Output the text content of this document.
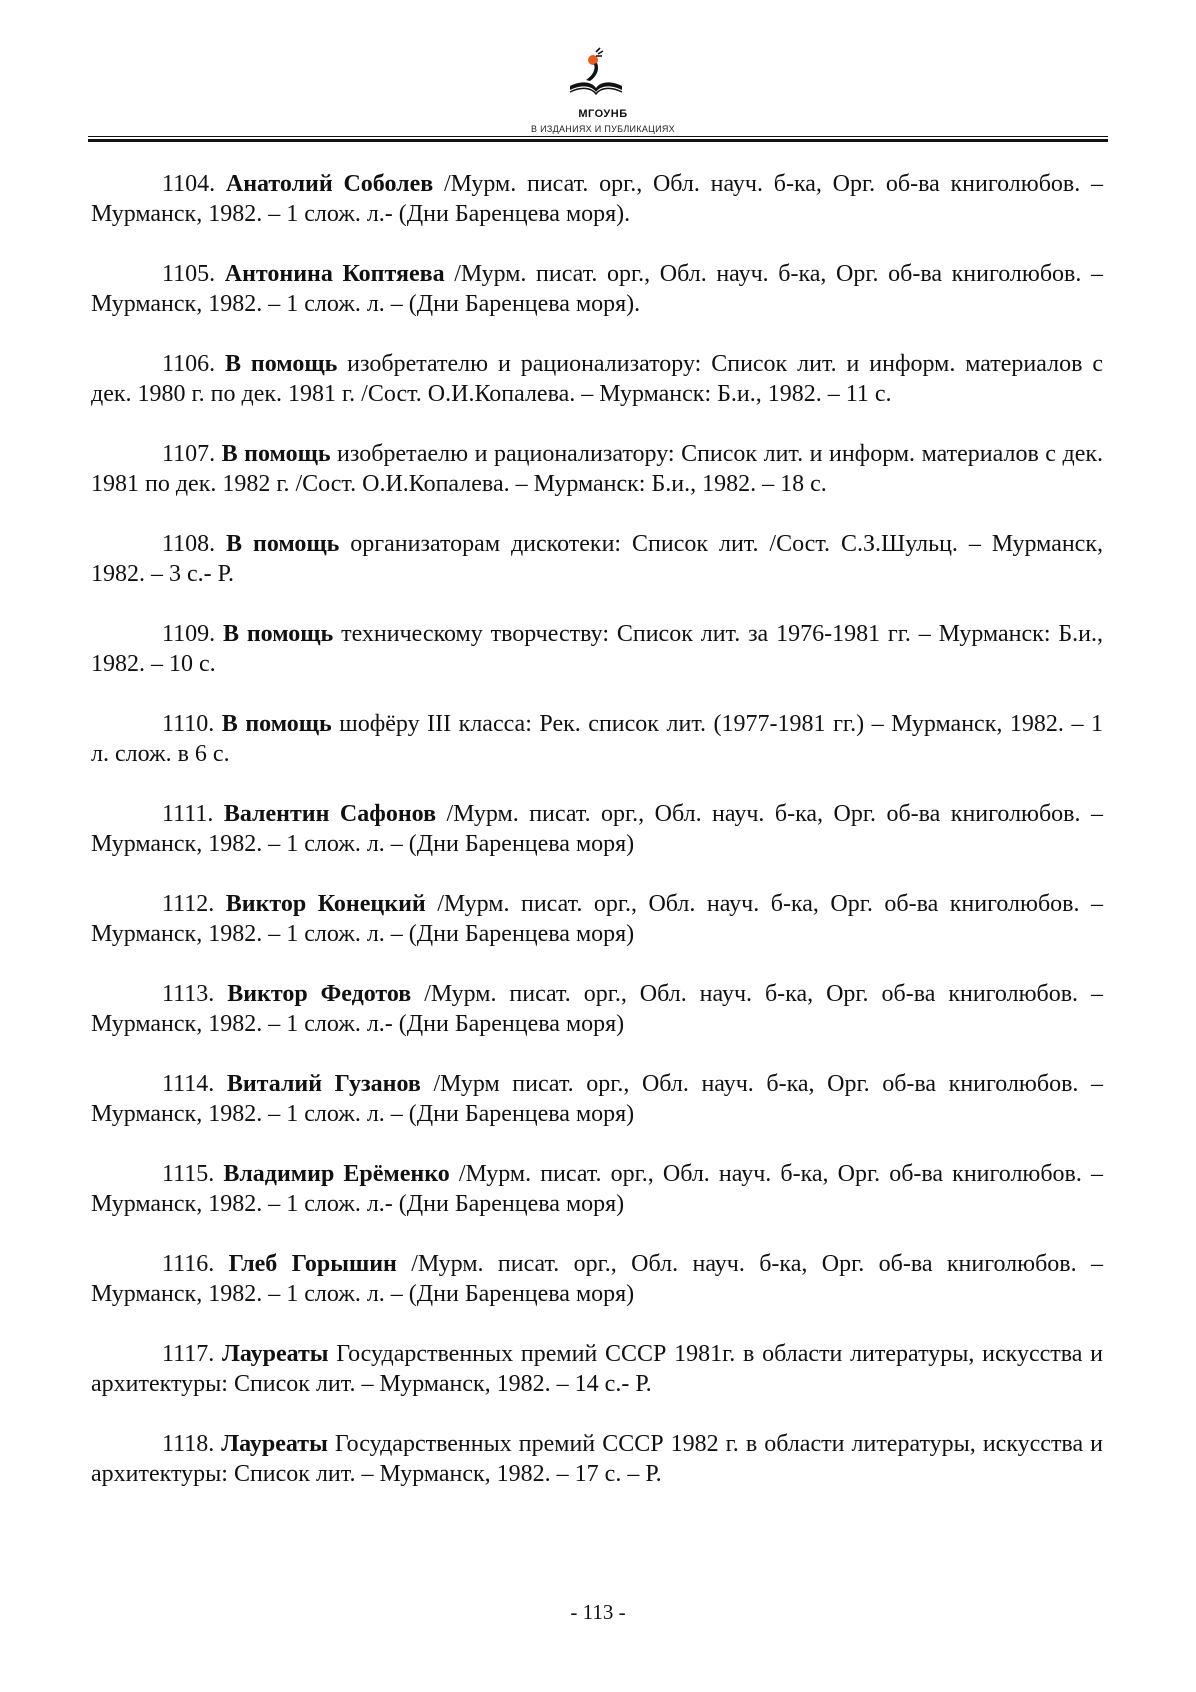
МГОУНБ
В ИЗДАНИЯХ И ПУБЛИКАЦИЯХ

1104. Анатолий Соболев /Мурм. писат. орг., Обл. науч. б-ка, Орг. об-ва книголюбов. – Мурманск, 1982. – 1 слож. л.- (Дни Баренцева моря).

1105. Антонина Коптяева /Мурм. писат. орг., Обл. науч. б-ка, Орг. об-ва книголюбов. – Мурманск, 1982. – 1 слож. л. – (Дни Баренцева моря).

1106. В помощь изобретателю и рационализатору: Список лит. и информ. материалов с дек. 1980 г. по дек. 1981 г. /Сост. О.И.Копалева. – Мурманск: Б.и., 1982. – 11 с.

1107. В помощь изобретаелю и рационализатору: Список лит. и информ. материалов с дек. 1981 по дек. 1982 г. /Сост. О.И.Копалева. – Мурманск: Б.и., 1982. – 18 с.

1108. В помощь организаторам дискотеки: Список лит. /Сост. С.З.Шульц. – Мурманск, 1982. – 3 с.- Р.

1109. В помощь техническому творчеству: Список лит. за 1976-1981 гг. – Мурманск: Б.и., 1982. – 10 с.

1110. В помощь шофёру III класса: Рек. список лит. (1977-1981 гг.) – Мурманск, 1982. – 1 л. слож. в 6 с.

1111. Валентин Сафонов /Мурм. писат. орг., Обл. науч. б-ка, Орг. об-ва книголюбов. – Мурманск, 1982. – 1 слож. л. – (Дни Баренцева моря)

1112. Виктор Конецкий /Мурм. писат. орг., Обл. науч. б-ка, Орг. об-ва книголюбов. – Мурманск, 1982. – 1 слож. л. – (Дни Баренцева моря)

1113. Виктор Федотов /Мурм. писат. орг., Обл. науч. б-ка, Орг. об-ва книголюбов. – Мурманск, 1982. – 1 слож. л.- (Дни Баренцева моря)

1114. Виталий Гузанов /Мурм писат. орг., Обл. науч. б-ка, Орг. об-ва книголюбов. – Мурманск, 1982. – 1 слож. л. – (Дни Баренцева моря)

1115. Владимир Ерёменко /Мурм. писат. орг., Обл. науч. б-ка, Орг. об-ва книголюбов. – Мурманск, 1982. – 1 слож. л.- (Дни Баренцева моря)

1116. Глеб Горышин /Мурм. писат. орг., Обл. науч. б-ка, Орг. об-ва книголюбов. – Мурманск, 1982. – 1 слож. л. – (Дни Баренцева моря)

1117. Лауреаты Государственных премий СССР 1981г. в области литературы, искусства и архитектуры: Список лит. – Мурманск, 1982. – 14 с.- Р.

1118. Лауреаты Государственных премий СССР 1982 г. в области литературы, искусства и архитектуры: Список лит. – Мурманск, 1982. – 17 с. – Р.

- 113 -
